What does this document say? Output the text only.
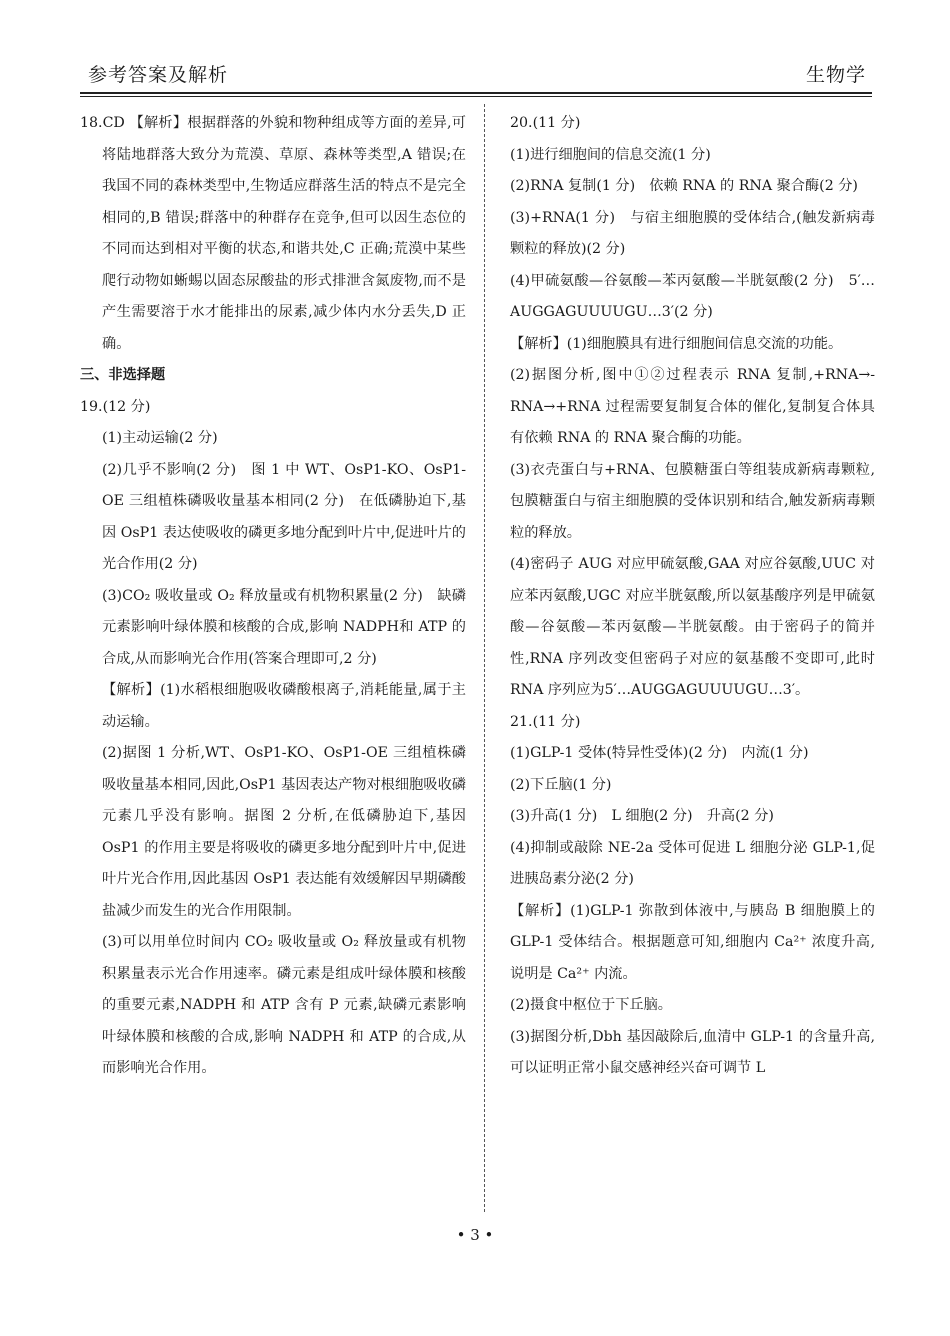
参考答案及解析	生物学

18.CD 【解析】根据群落的外貌和物种组成等方面的差异,可将陆地群落大致分为荒漠、草原、森林等类型,A 错误;在我国不同的森林类型中,生物适应群落生活的特点不是完全相同的,B 错误;群落中的种群存在竞争,但可以因生态位的不同而达到相对平衡的状态,和谐共处,C 正确;荒漠中某些爬行动物如蜥蜴以固态尿酸盐的形式排泄含氮废物,而不是产生需要溶于水才能排出的尿素,减少体内水分丢失,D 正确。

三、非选择题

19.(12 分)

(1)主动运输(2 分)

(2)几乎不影响(2 分)　图 1 中 WT、OsP1-KO、OsP1-OE 三组植株磷吸收量基本相同(2 分)　在低磷胁迫下,基因 OsP1 表达使吸收的磷更多地分配到叶片中,促进叶片的光合作用(2 分)

(3)CO₂ 吸收量或 O₂ 释放量或有机物积累量(2 分)　缺磷元素影响叶绿体膜和核酸的合成,影响 NADPH和 ATP 的合成,从而影响光合作用(答案合理即可,2 分)

【解析】(1)水稻根细胞吸收磷酸根离子,消耗能量,属于主动运输。

(2)据图 1 分析,WT、OsP1-KO、OsP1-OE 三组植株磷吸收量基本相同,因此,OsP1 基因表达产物对根细胞吸收磷元素几乎没有影响。据图 2 分析,在低磷胁迫下,基因 OsP1 的作用主要是将吸收的磷更多地分配到叶片中,促进叶片光合作用,因此基因 OsP1 表达能有效缓解因早期磷酸盐减少而发生的光合作用限制。

(3)可以用单位时间内 CO₂ 吸收量或 O₂ 释放量或有机物积累量表示光合作用速率。磷元素是组成叶绿体膜和核酸的重要元素,NADPH 和 ATP 含有 P 元素,缺磷元素影响叶绿体膜和核酸的合成,影响 NADPH 和 ATP 的合成,从而影响光合作用。

20.(11 分)

(1)进行细胞间的信息交流(1 分)

(2)RNA 复制(1 分)　依赖 RNA 的 RNA 聚合酶(2 分)

(3)+RNA(1 分)　与宿主细胞膜的受体结合,(触发新病毒颗粒的释放)(2 分)

(4)甲硫氨酸—谷氨酸—苯丙氨酸—半胱氨酸(2 分)　5′…AUGGAGUUUUGU…3′(2 分)

【解析】(1)细胞膜具有进行细胞间信息交流的功能。

(2)据图分析,图中①②过程表示 RNA 复制,+RNA→-RNA→+RNA 过程需要复制复合体的催化,复制复合体具有依赖 RNA 的 RNA 聚合酶的功能。

(3)衣壳蛋白与+RNA、包膜糖蛋白等组装成新病毒颗粒,包膜糖蛋白与宿主细胞膜的受体识别和结合,触发新病毒颗粒的释放。

(4)密码子 AUG 对应甲硫氨酸,GAA 对应谷氨酸,UUC 对应苯丙氨酸,UGC 对应半胱氨酸,所以氨基酸序列是甲硫氨酸—谷氨酸—苯丙氨酸—半胱氨酸。由于密码子的简并性,RNA 序列改变但密码子对应的氨基酸不变即可,此时 RNA 序列应为5′…AUGGAGUUUUGU…3′。

21.(11 分)

(1)GLP-1 受体(特异性受体)(2 分)　内流(1 分)

(2)下丘脑(1 分)

(3)升高(1 分)　L 细胞(2 分)　升高(2 分)

(4)抑制或敲除 NE-2a 受体可促进 L 细胞分泌 GLP-1,促进胰岛素分泌(2 分)

【解析】(1)GLP-1 弥散到体液中,与胰岛 B 细胞膜上的 GLP-1 受体结合。根据题意可知,细胞内 Ca²⁺ 浓度升高,说明是 Ca²⁺ 内流。

(2)摄食中枢位于下丘脑。

(3)据图分析,Dbh 基因敲除后,血清中 GLP-1 的含量升高,可以证明正常小鼠交感神经兴奋可调节 L

• 3 •
